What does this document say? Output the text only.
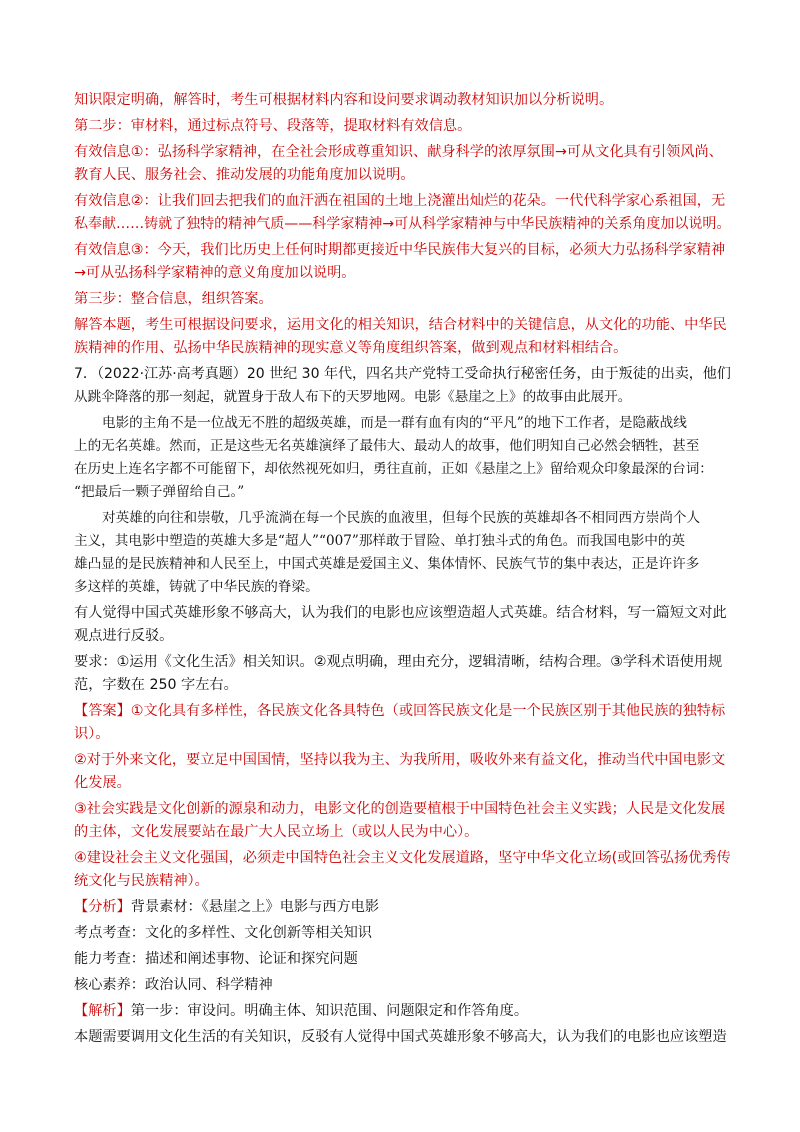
知识限定明确，解答时，考生可根据材料内容和设问要求调动教材知识加以分析说明。
第二步：审材料，通过标点符号、段落等，提取材料有效信息。
有效信息①：弘扬科学家精神，在全社会形成尊重知识、献身科学的浓厚氛围→可从文化具有引领风尚、
教育人民、服务社会、推动发展的功能角度加以说明。
有效信息②：让我们回去把我们的血汗洒在祖国的土地上浇灌出灿烂的花朵。一代代科学家心系祖国，无
私奉献……铸就了独特的精神气质——科学家精神→可从科学家精神与中华民族精神的关系角度加以说明。
有效信息③：今天，我们比历史上任何时期都更接近中华民族伟大复兴的目标，必须大力弘扬科学家精神
→可从弘扬科学家精神的意义角度加以说明。
第三步：整合信息，组织答案。
解答本题，考生可根据设问要求，运用文化的相关知识，结合材料中的关键信息，从文化的功能、中华民
族精神的作用、弘扬中华民族精神的现实意义等角度组织答案，做到观点和材料相结合。
7．（2022·江苏·高考真题）20 世纪 30 年代，四名共产党特工受命执行秘密任务，由于叛徒的出卖，他们
从跳伞降落的那一刻起，就置身于敌人布下的天罗地网。电影《悬崖之上》的故事由此展开。
电影的主角不是一位战无不胜的超级英雄，而是一群有血有肉的“平凡”的地下工作者，是隐蔽战线
上的无名英雄。然而，正是这些无名英雄演绎了最伟大、最动人的故事，他们明知自己必然会牺牲，甚至
在历史上连名字都不可能留下，却依然视死如归，勇往直前，正如《悬崖之上》留给观众印象最深的台词：
“把最后一颗子弹留给自己。”
对英雄的向往和崇敬，几乎流淌在每一个民族的血液里，但每个民族的英雄却各不相同西方崇尚个人
主义，其电影中塑造的英雄大多是“超人”“007”那样敢于冒险、单打独斗式的角色。而我国电影中的英
雄凸显的是民族精神和人民至上，中国式英雄是爱国主义、集体情怀、民族气节的集中表达，正是许许多
多这样的英雄，铸就了中华民族的脊梁。
有人觉得中国式英雄形象不够高大，认为我们的电影也应该塑造超人式英雄。结合材料，写一篇短文对此
观点进行反驳。
要求：①运用《文化生活》相关知识。②观点明确，理由充分，逻辑清晰，结构合理。③学科术语使用规
范，字数在 250 字左右。
【答案】①文化具有多样性，各民族文化各具特色（或回答民族文化是一个民族区别于其他民族的独特标
识）。
②对于外来文化，要立足中国国情，坚持以我为主、为我所用，吸收外来有益文化，推动当代中国电影文
化发展。
③社会实践是文化创新的源泉和动力，电影文化的创造要植根于中国特色社会主义实践；人民是文化发展
的主体，文化发展要站在最广大人民立场上（或以人民为中心）。
④建设社会主义文化强国，必须走中国特色社会主义文化发展道路，坚守中华文化立场(或回答弘扬优秀传
统文化与民族精神）。
【分析】背景素材：《悬崖之上》电影与西方电影
考点考查：文化的多样性、文化创新等相关知识
能力考查：描述和阐述事物、论证和探究问题
核心素养：政治认同、科学精神
【解析】第一步：审设问。明确主体、知识范围、问题限定和作答角度。
本题需要调用文化生活的有关知识，反驳有人觉得中国式英雄形象不够高大，认为我们的电影也应该塑造
